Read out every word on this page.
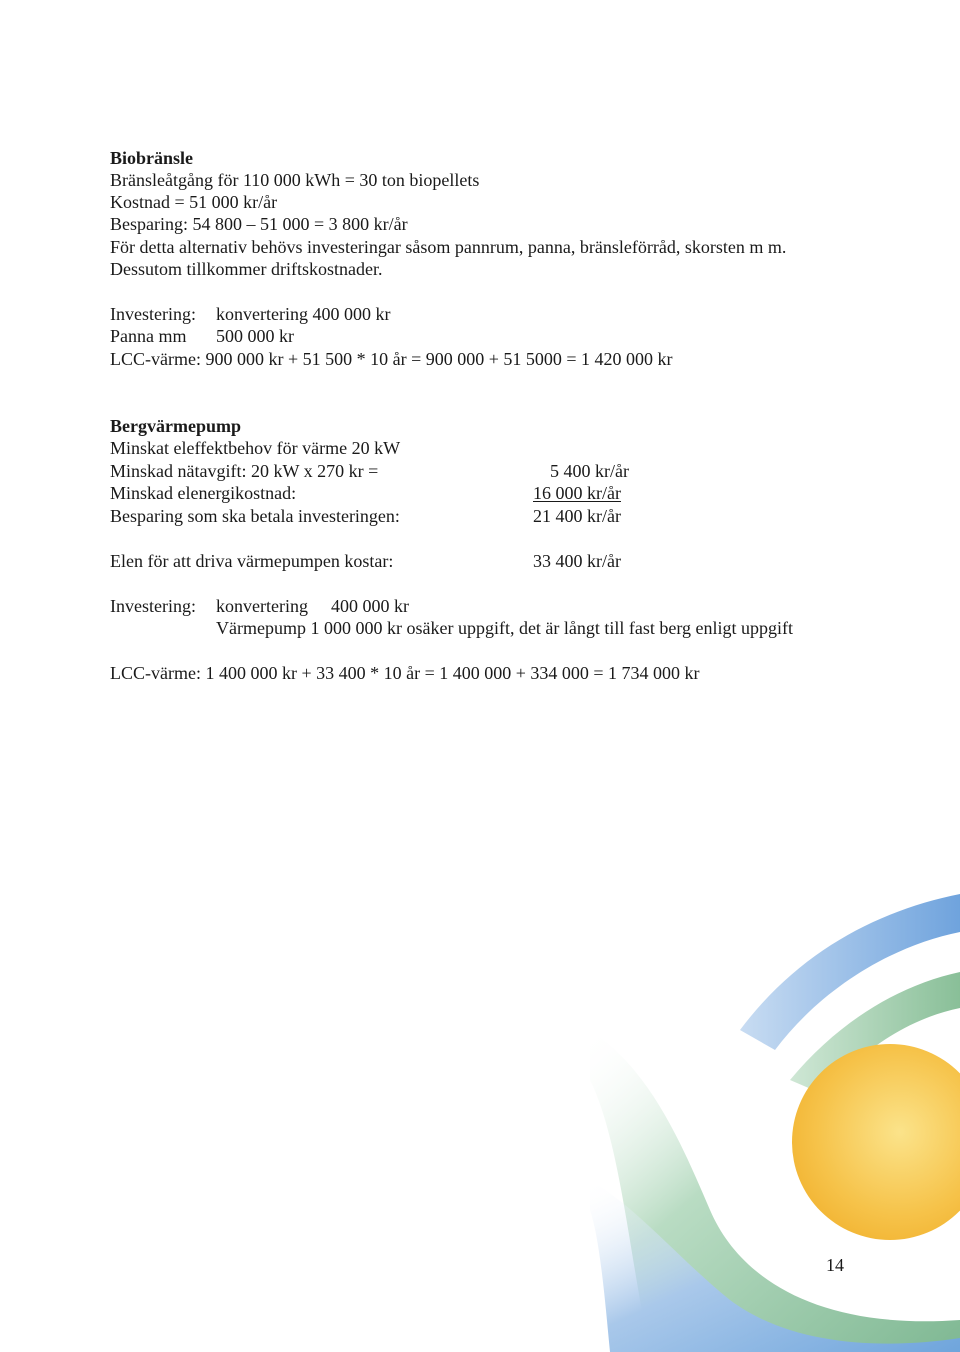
Biobränsle
Bränsleåtgång för 110 000 kWh = 30 ton biopellets
Kostnad = 51 000 kr/år
Besparing: 54 800 – 51 000 = 3 800 kr/år
För detta alternativ behövs investeringar såsom pannrum, panna, bränsleförråd, skorsten m m.
Dessutom tillkommer driftskostnader.
Investering: konvertering 400 000 kr
Panna mm 500 000 kr
LCC-värme: 900 000 kr + 51 500 * 10 år = 900 000 + 51 5000 = 1 420 000 kr
Bergvärmepump
Minskat eleffektbehov för värme 20 kW
Minskad nätavgift: 20 kW x 270 kr =	5 400 kr/år
Minskad elenergikostnad:	16 000 kr/år
Besparing som ska betala investeringen:	21 400 kr/år
Elen för att driva värmepumpen kostar:	33 400 kr/år
Investering: konvertering 400 000 kr
Värmepump 1 000 000 kr osäker uppgift, det är långt till fast berg enligt uppgift
LCC-värme: 1 400 000 kr + 33 400 * 10 år = 1 400 000 + 334 000 = 1 734 000 kr
14
